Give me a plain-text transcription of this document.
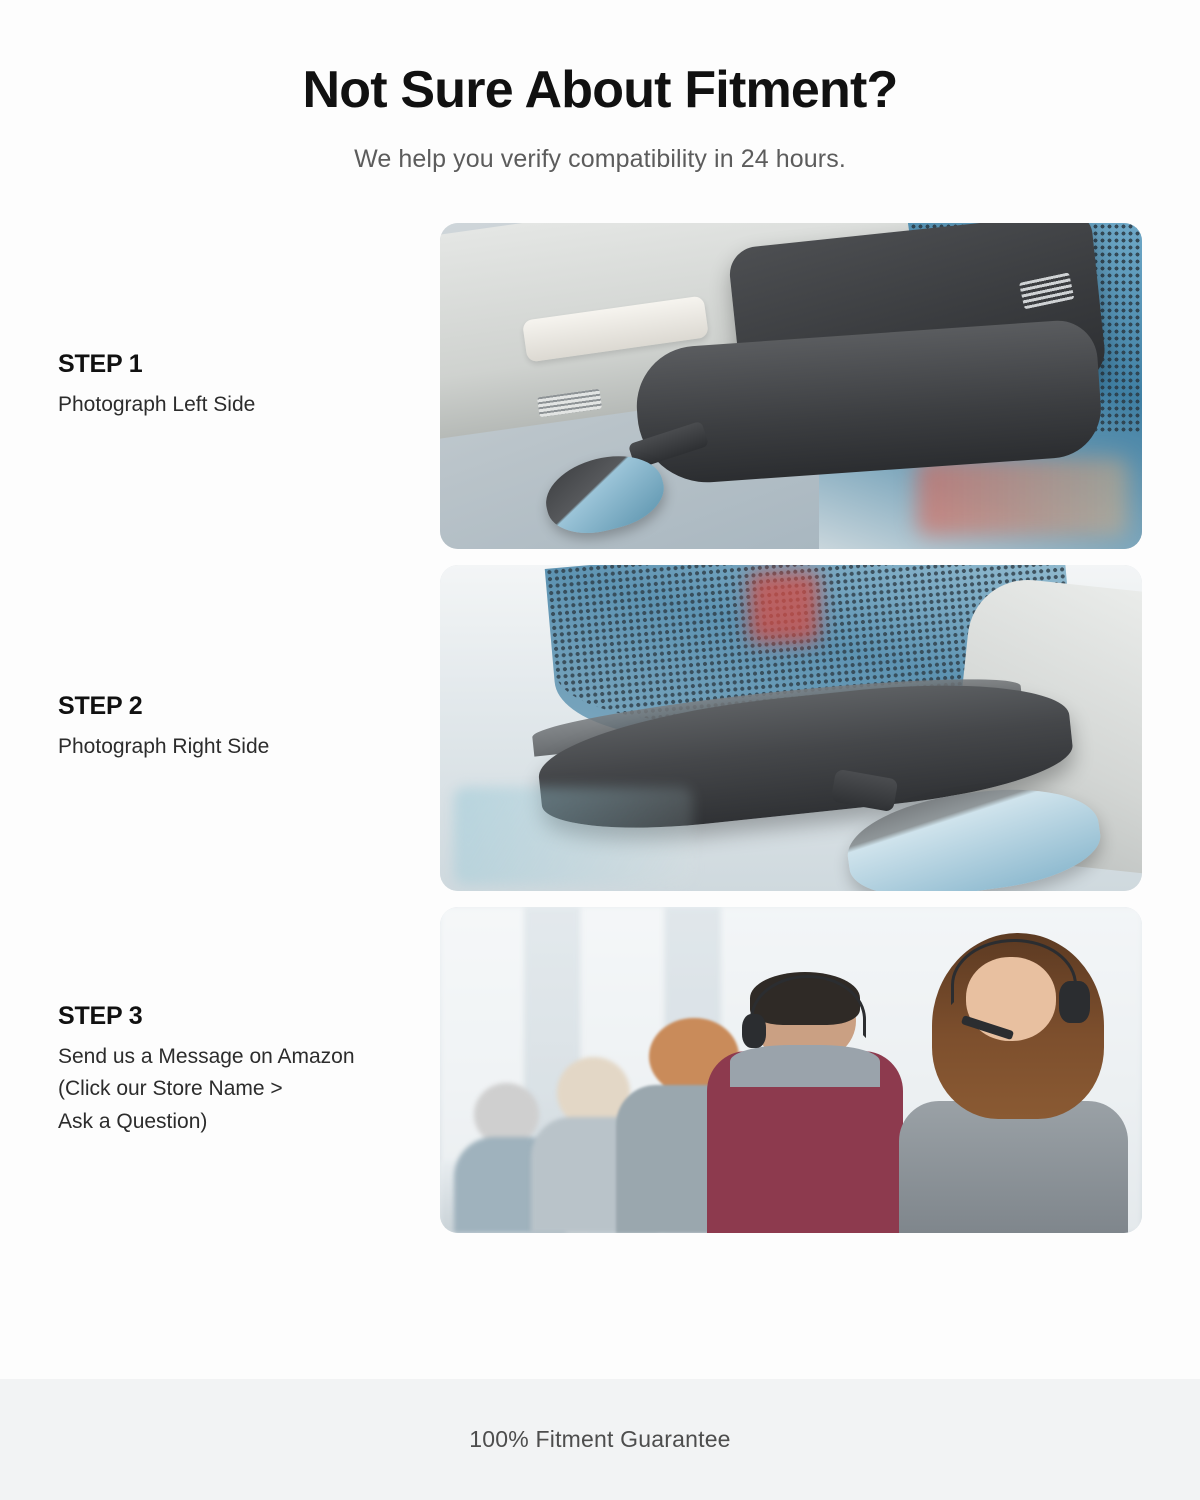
Not Sure About Fitment?

We help you verify compatibility in 24 hours.

STEP 1
Photograph Left Side
STEP 2
Photograph Right Side
STEP 3
Send us a Message on Amazon
(Click our Store Name >
Ask a Question)
100% Fitment Guarantee
